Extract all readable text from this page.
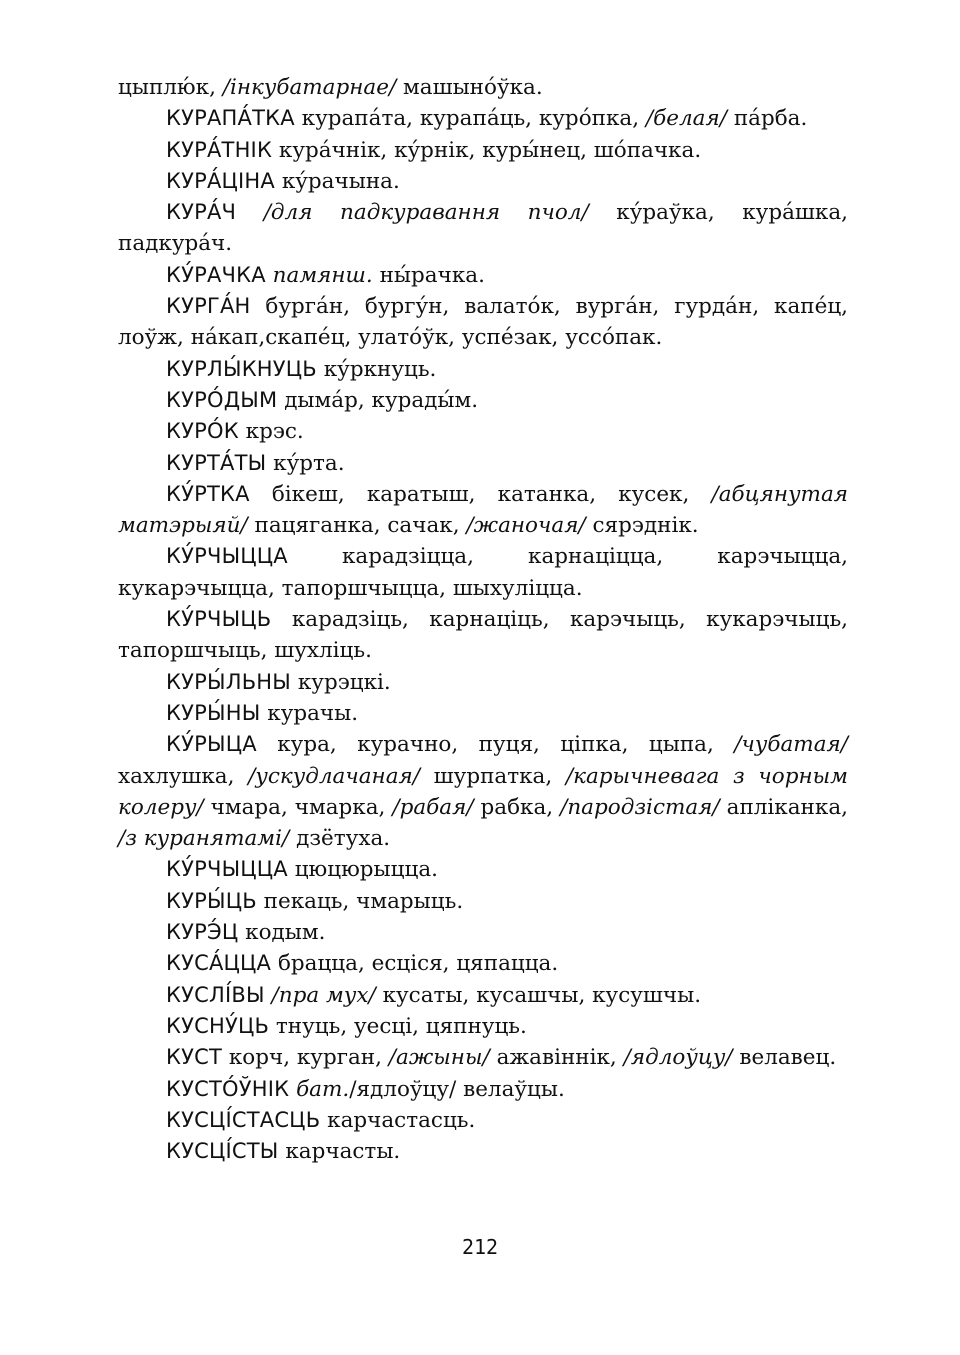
цыплю́к, /інкубатарнае/ машыно́ўка.

КУРАПА́ТКА курапа́та, курапа́ць, куро́пка, /белая/ па́рба.

КУРА́ТНІК кура́чнік, ку́рнік, куры́нец, шо́пачка.

КУРА́ЦІНА ку́рачына.

КУРА́Ч /для падкуравання пчол/ ку́раўка, кура́шка, падкура́ч.

КУ́РАЧКА памянш. ны́рачка.

КУРГА́Н бурга́н, бургу́н, валато́к, вурга́н, гурда́н, капе́ц, лоўж, на́кап,скапе́ц, улато́ўк, успе́зак, уссо́пак.

КУРЛЫ́КНУЦЬ ку́ркнуць.

КУРО́ДЫМ дыма́р, курады́м.

КУРО́К крэс.

КУРТА́ТЫ ку́рта.

КУ́РТКА бікеш, каратыш, катанка, кусек, /абцянутая матэрыяй/ пацяганка, сачак, /жаночая/ сярэднік.

КУ́РЧЫЦЦА карадзіцца, карнаціцца, карэчыцца, кукарэчыцца, тапоршчыцца, шыхуліцца.

КУ́РЧЫЦЬ карадзіць, карнаціць, карэчыць, кукарэчыць, тапоршчыць, шухліць.

КУРЫ́ЛЬНЫ курэцкі.

КУРЫ́НЫ курачы.

КУ́РЫЦА кура, курачно, пуця, ціпка, цыпа, /чубатая/ хахлушка, /ускудлачаная/ шурпатка, /карычневага з чорным колеру/ чмара, чмарка, /рабая/ рабка, /пародзістая/ апліканка, /з куранятамі/ дзётуха.

КУ́РЧЫЦЦА цюцюрыцца.

КУРЫ́ЦЬ пекаць, чмарыць.

КУРЭ́Ц кодым.

КУСА́ЦЦА брацца, есціся, цяпацца.

КУСЛІ́ВЫ /пра мух/ кусаты, кусашчы, кусушчы.

КУСНУ́ЦЬ тнуць, уесці, цяпнуць.

КУСТ корч, курган, /ажыны/ ажавіннік, /ядлоўцу/ велавец.

КУСТО́ЎНІК бат./ядлоўцу/ велаўцы.

КУСЦІ́СТАСЦЬ карчастасць.

КУСЦІ́СТЫ карчасты.

212
